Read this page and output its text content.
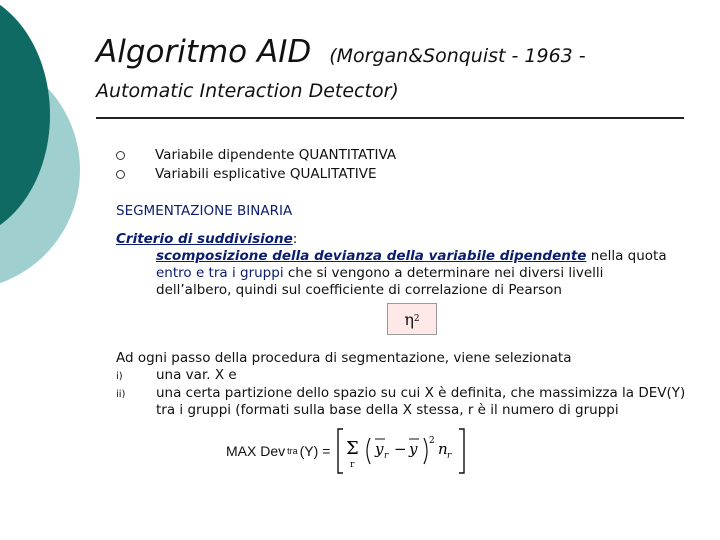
Algoritmo AID (Morgan&Sonquist - 1963 -
Automatic Interaction Detector)
Variabile dipendente QUANTITATIVA
Variabili esplicative QUALITATIVE
SEGMENTAZIONE BINARIA
Criterio di suddivisione:
scomposizione della devianza della variabile dipendente nella quota entro e tra i gruppi che si vengono a determinare nei diversi livelli dell’albero, quindi sul coefficiente di correlazione di Pearson
η 2
Ad ogni passo della procedura di segmentazione, viene selezionata
i)	una var. X e
ii)	una certa partizione dello spazio su cui X è definita, che massimizza la DEV(Y) tra i gruppi (formati sulla base della X stessa, r è il numero di gruppi
MAX Dev tra (Y) = Σ
r
y r − y 2 n r
